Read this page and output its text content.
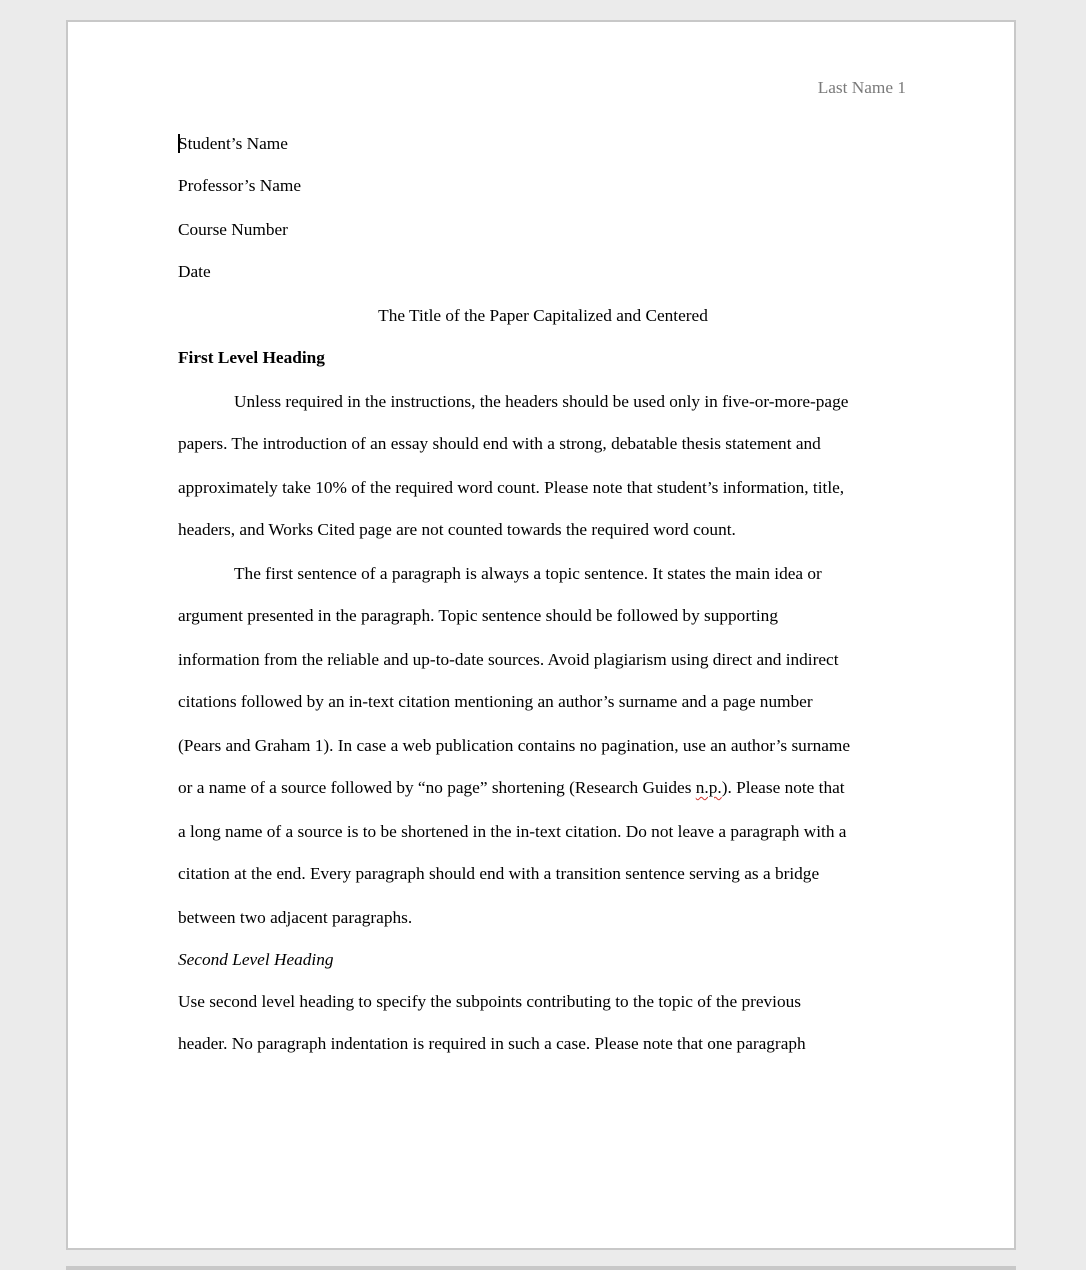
Last Name 1
Student’s Name
Professor’s Name
Course Number
Date
The Title of the Paper Capitalized and Centered
First Level Heading
Unless required in the instructions, the headers should be used only in five-or-more-page
papers. The introduction of an essay should end with a strong, debatable thesis statement and
approximately take 10% of the required word count. Please note that student’s information, title,
headers, and Works Cited page are not counted towards the required word count.
The first sentence of a paragraph is always a topic sentence. It states the main idea or
argument presented in the paragraph. Topic sentence should be followed by supporting
information from the reliable and up-to-date sources. Avoid plagiarism using direct and indirect
citations followed by an in-text citation mentioning an author’s surname and a page number
(Pears and Graham 1). In case a web publication contains no pagination, use an author’s surname
or a name of a source followed by “no page” shortening (Research Guides n.p.). Please note that
a long name of a source is to be shortened in the in-text citation. Do not leave a paragraph with a
citation at the end. Every paragraph should end with a transition sentence serving as a bridge
between two adjacent paragraphs.
Second Level Heading
Use second level heading to specify the subpoints contributing to the topic of the previous
header. No paragraph indentation is required in such a case. Please note that one paragraph
